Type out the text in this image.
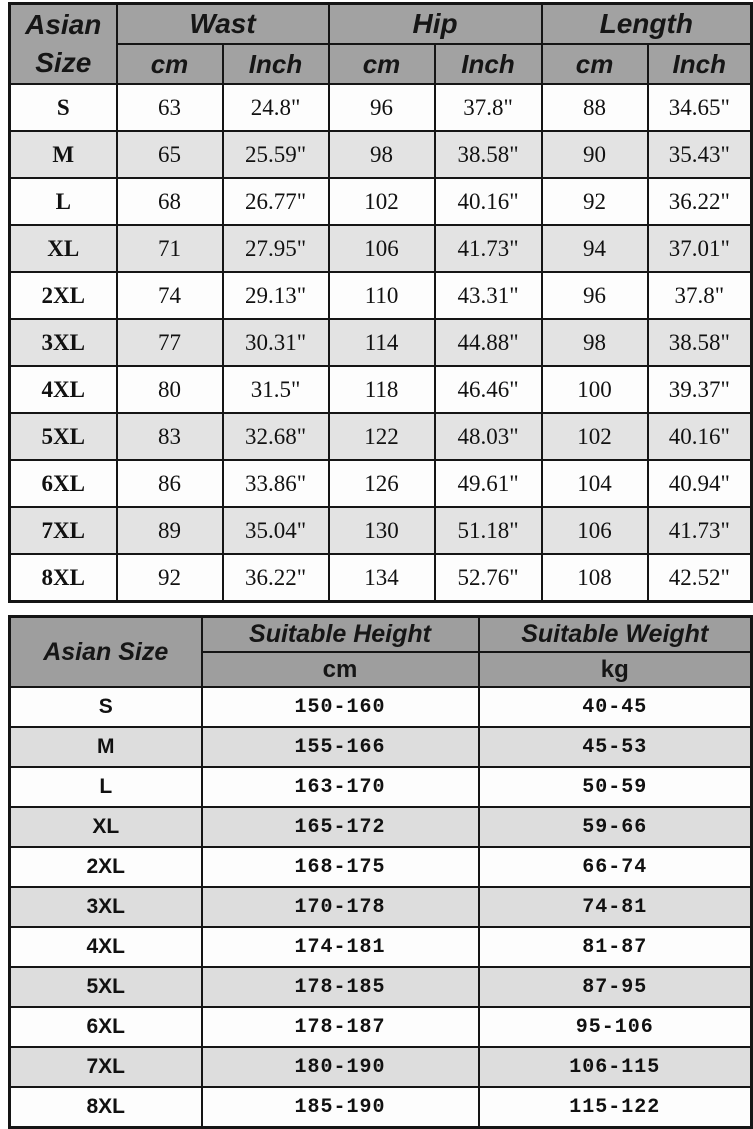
Asian
Size	Wast		Hip		Length	
	cm	Inch	cm	Inch	cm	Inch
S	63	24.8"	96	37.8"	88	34.65"
M	65	25.59"	98	38.58"	90	35.43"
L	68	26.77"	102	40.16"	92	36.22"
XL	71	27.95"	106	41.73"	94	37.01"
2XL	74	29.13"	110	43.31"	96	37.8"
3XL	77	30.31"	114	44.88"	98	38.58"
4XL	80	31.5"	118	46.46"	100	39.37"
5XL	83	32.68"	122	48.03"	102	40.16"
6XL	86	33.86"	126	49.61"	104	40.94"
7XL	89	35.04"	130	51.18"	106	41.73"
8XL	92	36.22"	134	52.76"	108	42.52"
Asian Size	Suitable Height	Suitable Weight
	cm	kg
S	150-160	40-45
M	155-166	45-53
L	163-170	50-59
XL	165-172	59-66
2XL	168-175	66-74
3XL	170-178	74-81
4XL	174-181	81-87
5XL	178-185	87-95
6XL	178-187	95-106
7XL	180-190	106-115
8XL	185-190	115-122
